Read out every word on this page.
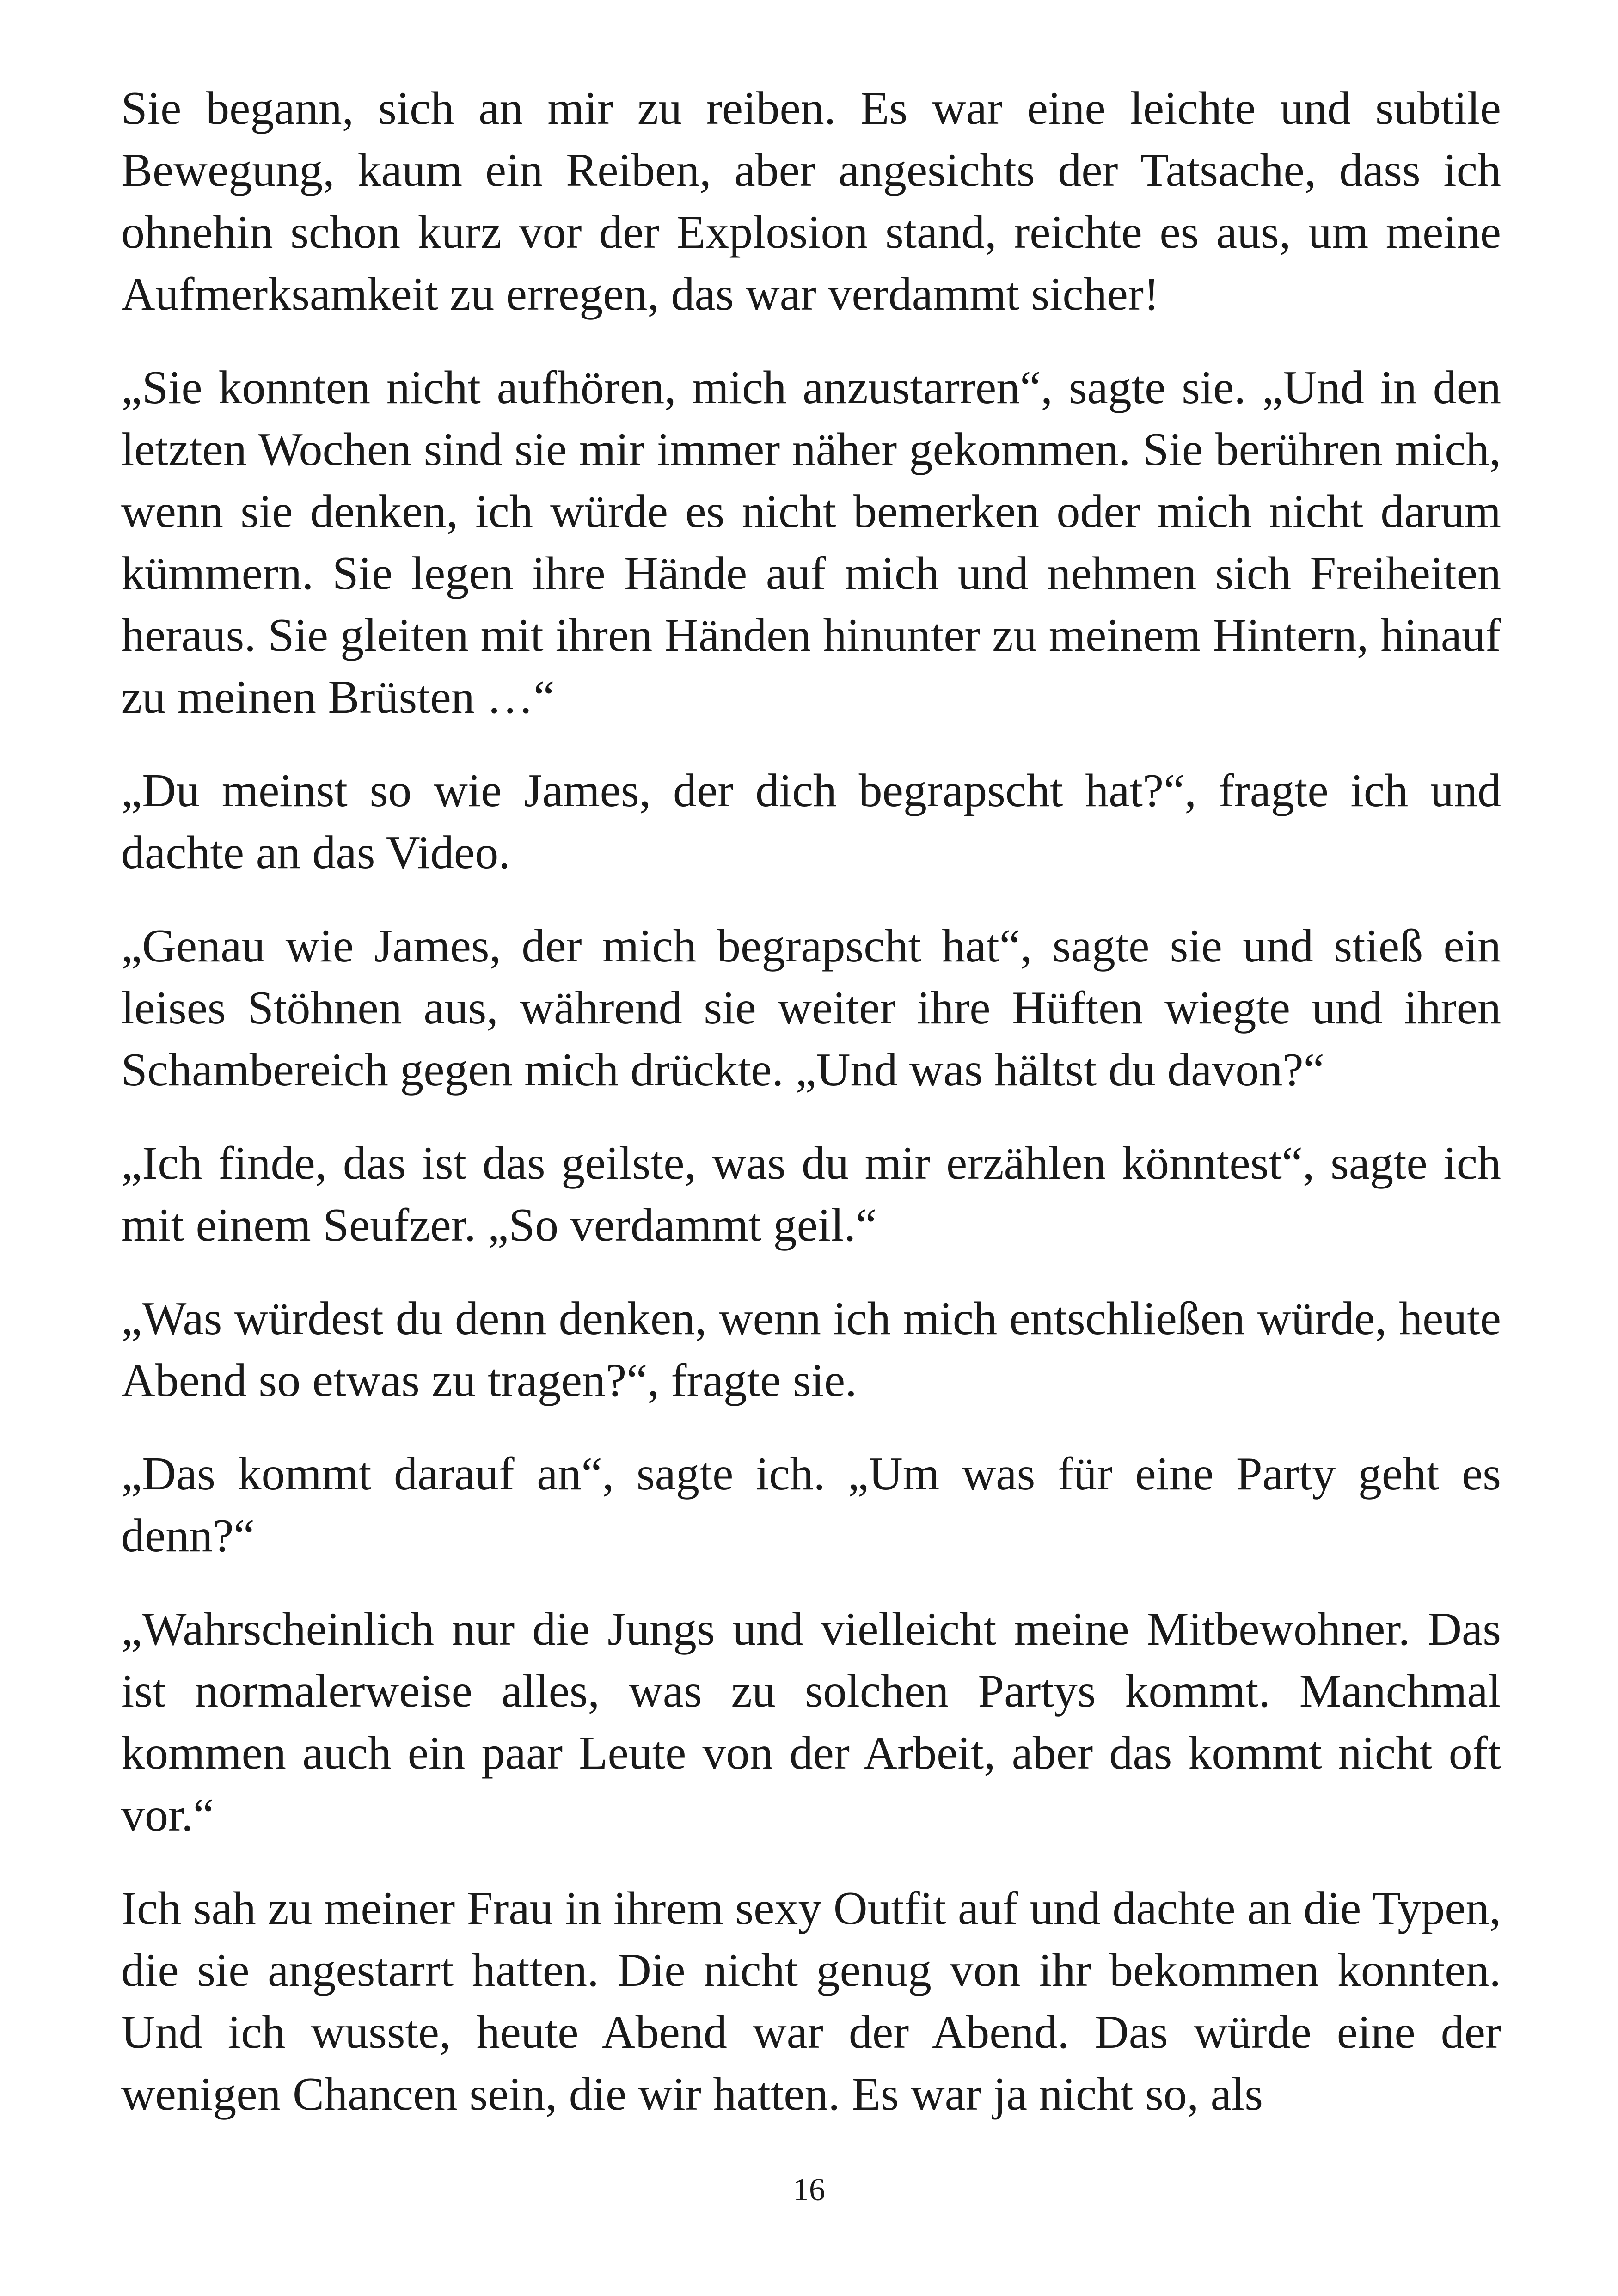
Sie begann, sich an mir zu reiben. Es war eine leichte und subtile Bewegung, kaum ein Reiben, aber angesichts der Tatsache, dass ich ohnehin schon kurz vor der Explosion stand, reichte es aus, um meine Aufmerksamkeit zu erregen, das war verdammt sicher!

„Sie konnten nicht aufhören, mich anzustarren“, sagte sie. „Und in den letzten Wochen sind sie mir immer näher gekommen. Sie berühren mich, wenn sie denken, ich würde es nicht bemerken oder mich nicht darum kümmern. Sie legen ihre Hände auf mich und nehmen sich Freiheiten heraus. Sie gleiten mit ihren Händen hinunter zu meinem Hintern, hinauf zu meinen Brüsten …“

„Du meinst so wie James, der dich begrapscht hat?“, fragte ich und dachte an das Video.

„Genau wie James, der mich begrapscht hat“, sagte sie und stieß ein leises Stöhnen aus, während sie weiter ihre Hüften wiegte und ihren Schambereich gegen mich drückte. „Und was hältst du davon?“

„Ich finde, das ist das geilste, was du mir erzählen könntest“, sagte ich mit einem Seufzer. „So verdammt geil.“

„Was würdest du denn denken, wenn ich mich entschließen würde, heute Abend so etwas zu tragen?“, fragte sie.

„Das kommt darauf an“, sagte ich. „Um was für eine Party geht es denn?“

„Wahrscheinlich nur die Jungs und vielleicht meine Mitbewohner. Das ist normalerweise alles, was zu solchen Partys kommt. Manchmal kommen auch ein paar Leute von der Arbeit, aber das kommt nicht oft vor.“

Ich sah zu meiner Frau in ihrem sexy Outfit auf und dachte an die Typen, die sie angestarrt hatten. Die nicht genug von ihr bekommen konnten. Und ich wusste, heute Abend war der Abend. Das würde eine der wenigen Chancen sein, die wir hatten. Es war ja nicht so, als

16
